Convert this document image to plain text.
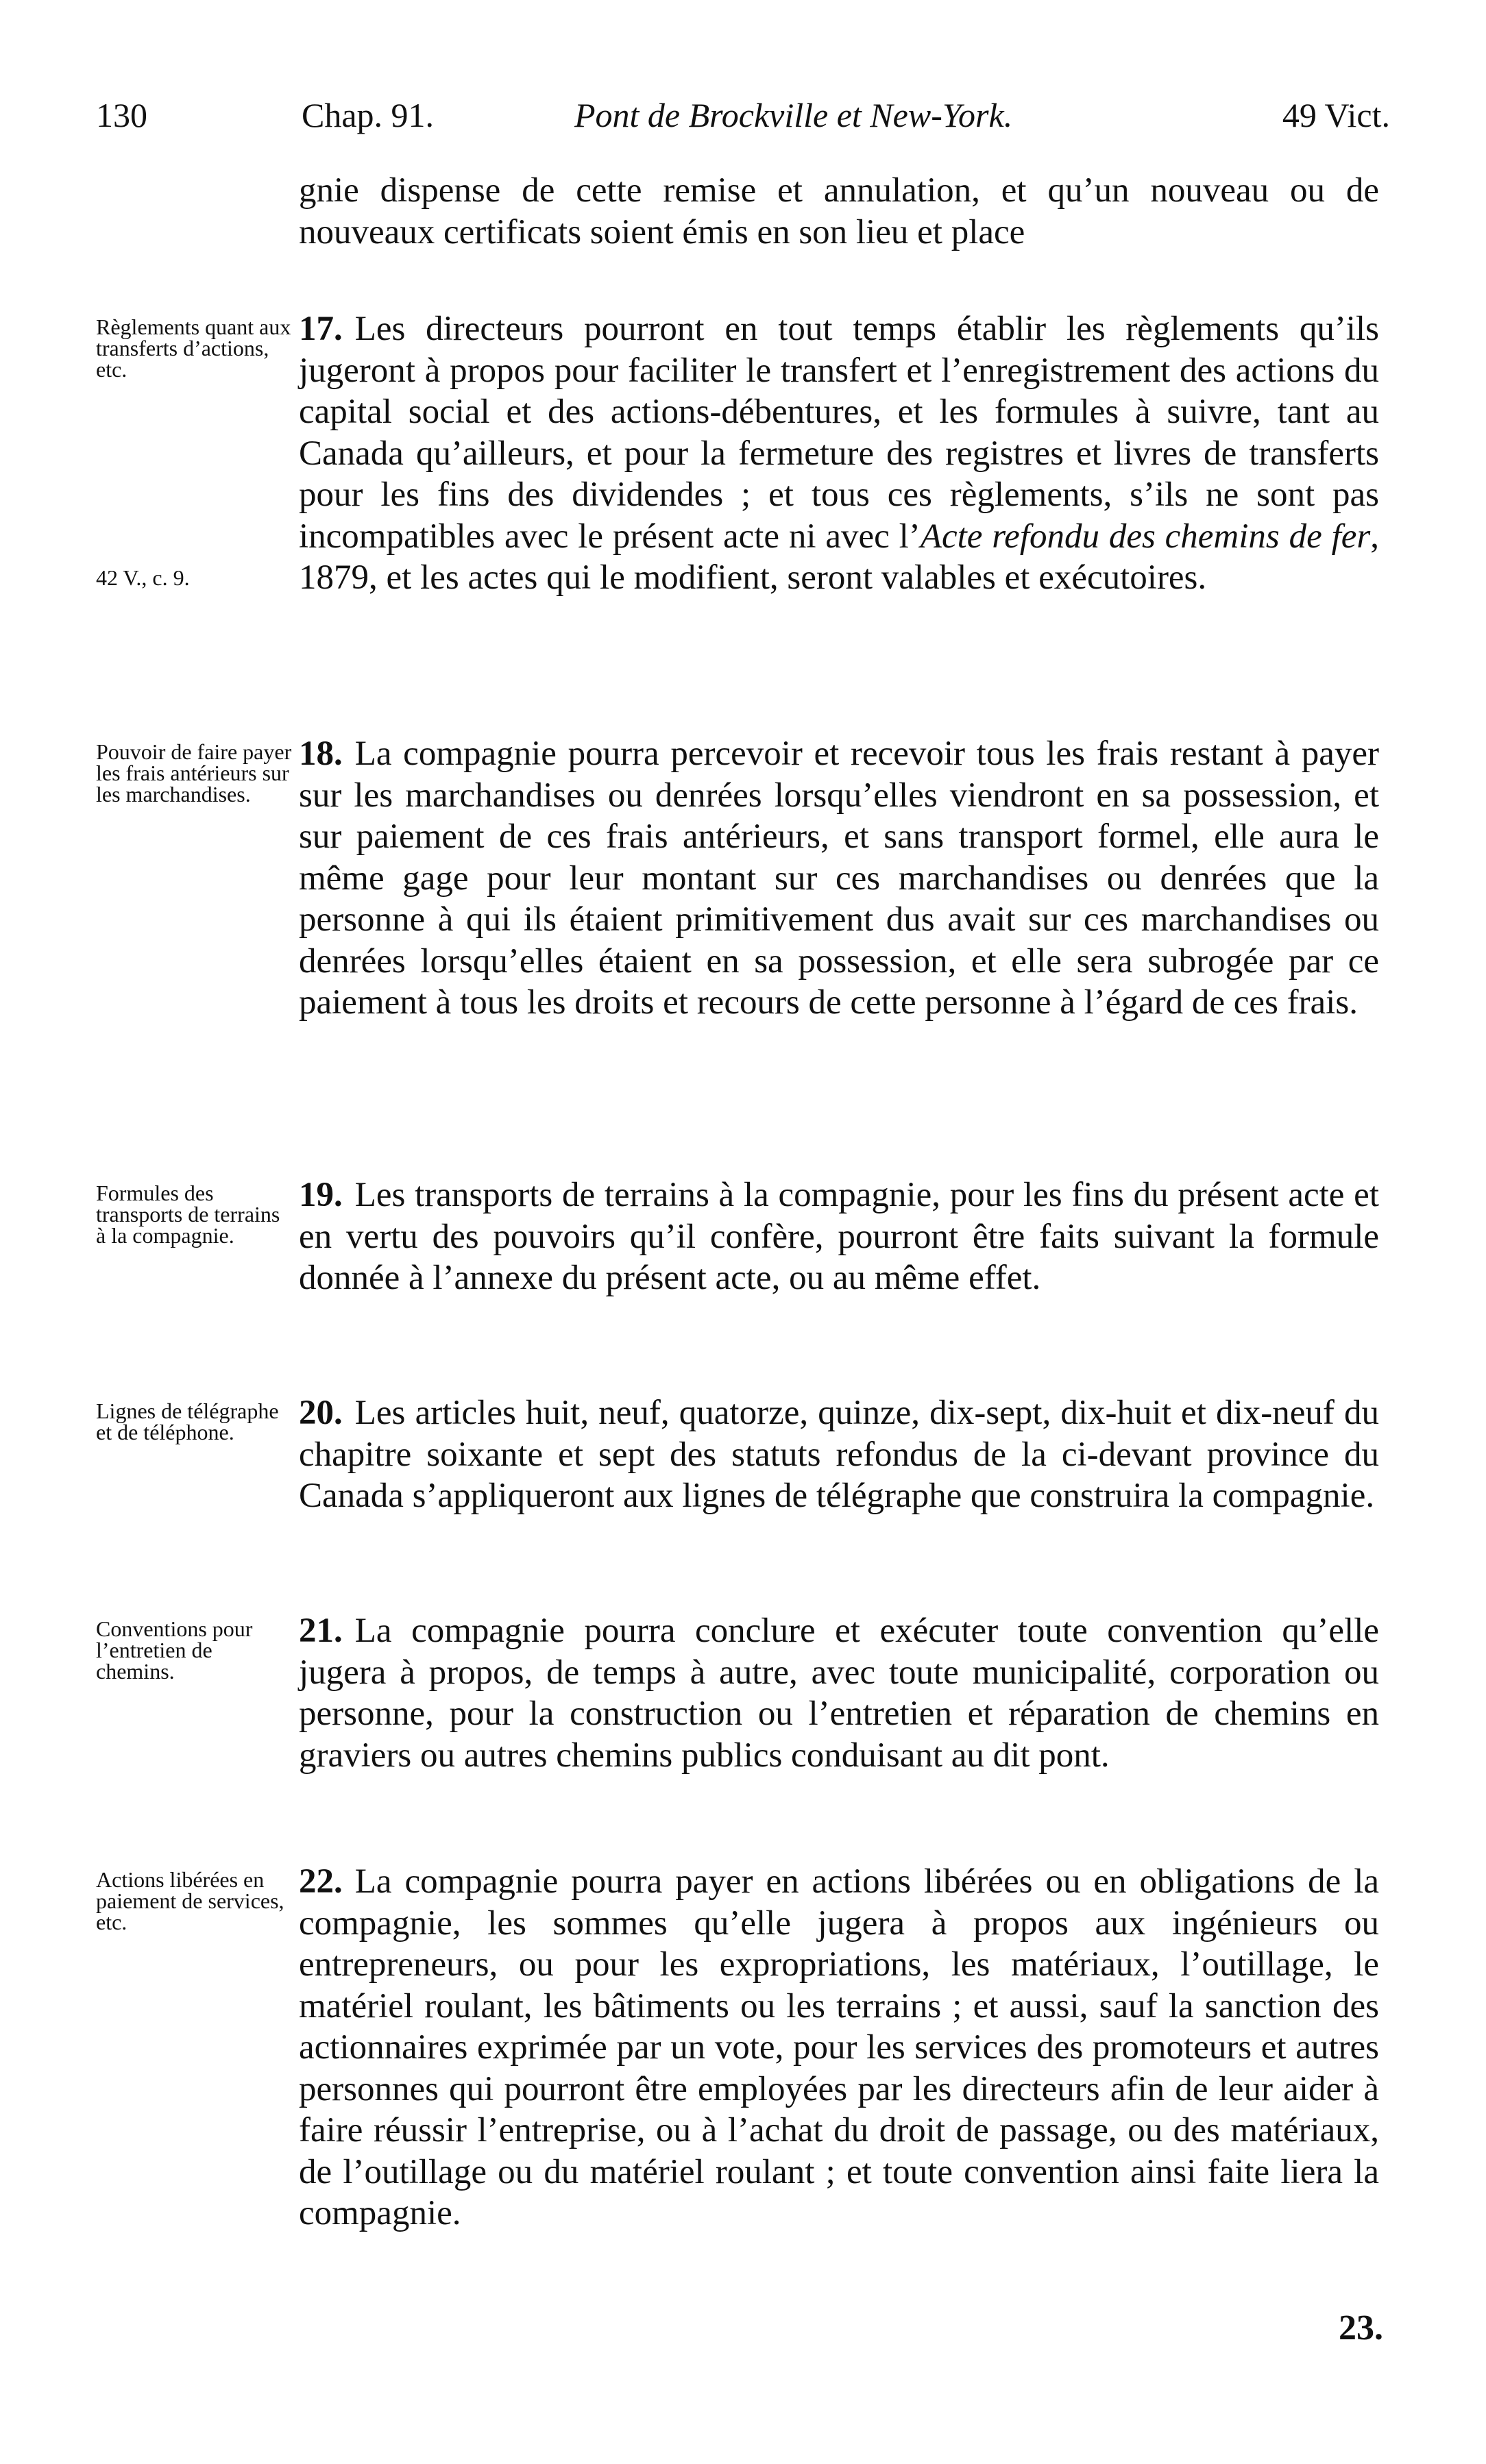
130	Chap. 91.	Pont de Brockville et New-York.	49 Vict.
gnie dispense de cette remise et annulation, et qu’un nouveau ou de nouveaux certificats soient émis en son lieu et place
Règlements quant aux transferts d’actions, etc.
42 V., c. 9.
17 . Les directeurs pourront en tout temps établir les règlements qu’ils jugeront à propos pour faciliter le transfert et l’enregistrement des actions du capital social et des actions-débentures, et les formules à suivre, tant au Canada qu’ailleurs, et pour la fermeture des registres et livres de transferts pour les fins des dividendes ; et tous ces règlements, s’ils ne sont pas incompatibles avec le présent acte ni avec l’Acte refondu des chemins de fer, 1879, et les actes qui le modifient, seront valables et exécutoires.
Pouvoir de faire payer les frais antérieurs sur les marchandises.
18 . La compagnie pourra percevoir et recevoir tous les frais restant à payer sur les marchandises ou denrées lorsqu’elles viendront en sa possession, et sur paiement de ces frais antérieurs, et sans transport formel, elle aura le même gage pour leur montant sur ces marchandises ou denrées que la personne à qui ils étaient primitivement dus avait sur ces marchandises ou denrées lorsqu’elles étaient en sa possession, et elle sera subrogée par ce paiement à tous les droits et recours de cette personne à l’égard de ces frais.
Formules des transports de terrains à la compagnie.
19 . Les transports de terrains à la compagnie, pour les fins du présent acte et en vertu des pouvoirs qu’il confère, pourront être faits suivant la formule donnée à l’annexe du présent acte, ou au même effet.
Lignes de télégraphe et de téléphone.	20 . Les articles huit, neuf, quatorze, quinze, dix-sept, dix-huit et dix-neuf du chapitre soixante et sept des statuts refondus de la ci-devant province du Canada s’appliqueront aux lignes de télégraphe que construira la compagnie.
Conventions pour l’entretien de chemins.
21 . La compagnie pourra conclure et exécuter toute convention qu’elle jugera à propos, de temps à autre, avec toute municipalité, corporation ou personne, pour la construction ou l’entretien et réparation de chemins en graviers ou autres chemins publics conduisant au dit pont.
Actions libérées en paiement de services, etc.
22 . La compagnie pourra payer en actions libérées ou en obligations de la compagnie, les sommes qu’elle jugera à propos aux ingénieurs ou entrepreneurs, ou pour les expropriations, les matériaux, l’outillage, le matériel roulant, les bâtiments ou les terrains ; et aussi, sauf la sanction des actionnaires exprimée par un vote, pour les services des promoteurs et autres personnes qui pourront être employées par les directeurs afin de leur aider à faire réussir l’entreprise, ou à l’achat du droit de passage, ou des matériaux, de l’outillage ou du matériel roulant ; et toute convention ainsi faite liera la compagnie.
23.
